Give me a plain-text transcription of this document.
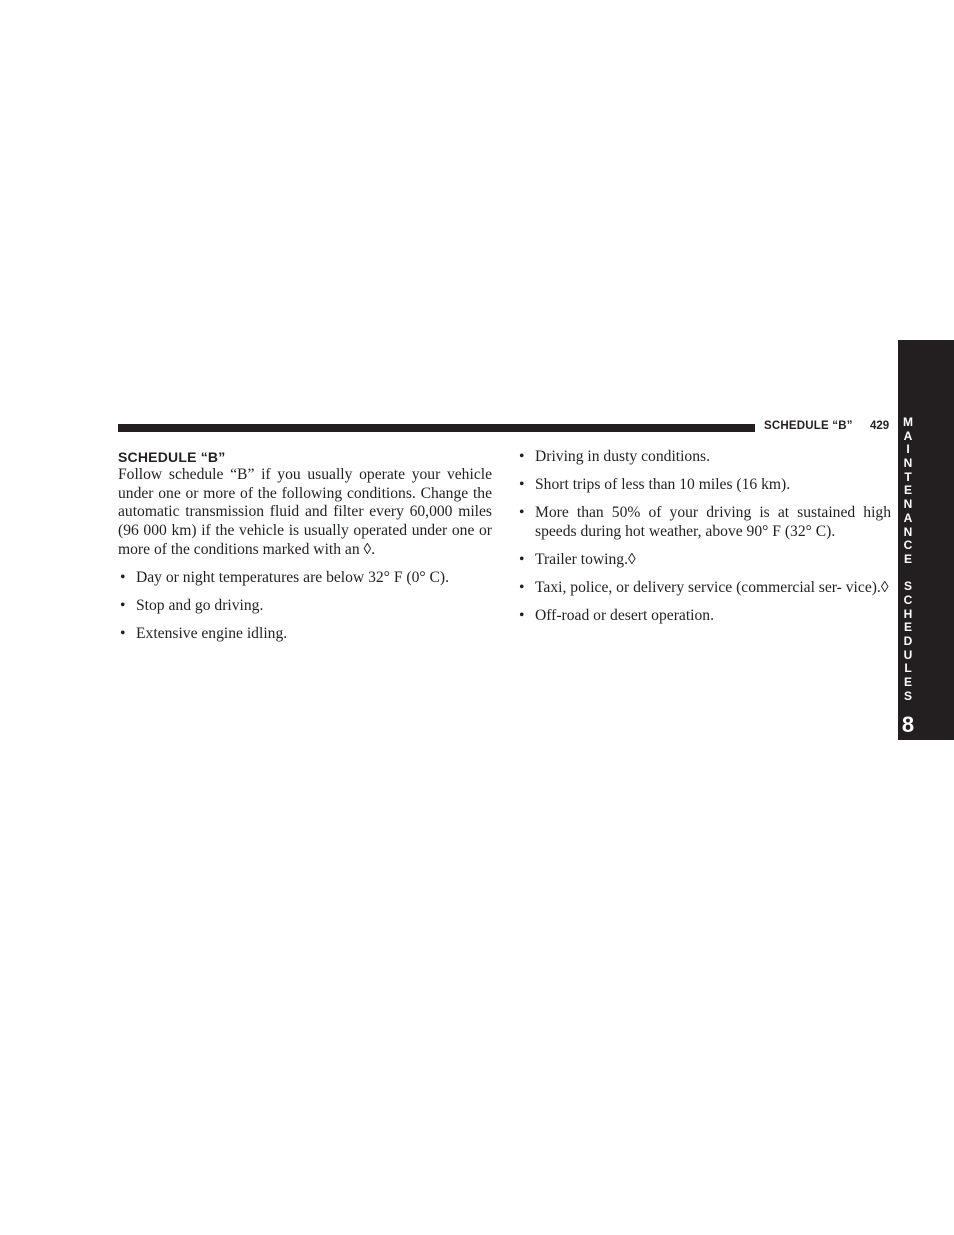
SCHEDULE “B” 429 M
A
I
N
T
E
N
A
N
C
E
S
C
H
E
D
U
L
E
S
8
SCHEDULE “B”

Follow schedule “B” if you usually operate your vehicle under one or more of the following conditions. Change the automatic transmission fluid and filter every 60,000 miles (96 000 km) if the vehicle is usually operated under one or more of the conditions marked with an ◊.

• Day or night temperatures are below 32° F (0° C).
• Stop and go driving.
• Extensive engine idling.
• Driving in dusty conditions.
• Short trips of less than 10 miles (16 km).
• More than 50% of your driving is at sustained high speeds during hot weather, above 90° F (32° C).
• Trailer towing.◊
• Taxi, police, or delivery service (commercial ser- vice).◊
• Off-road or desert operation.
